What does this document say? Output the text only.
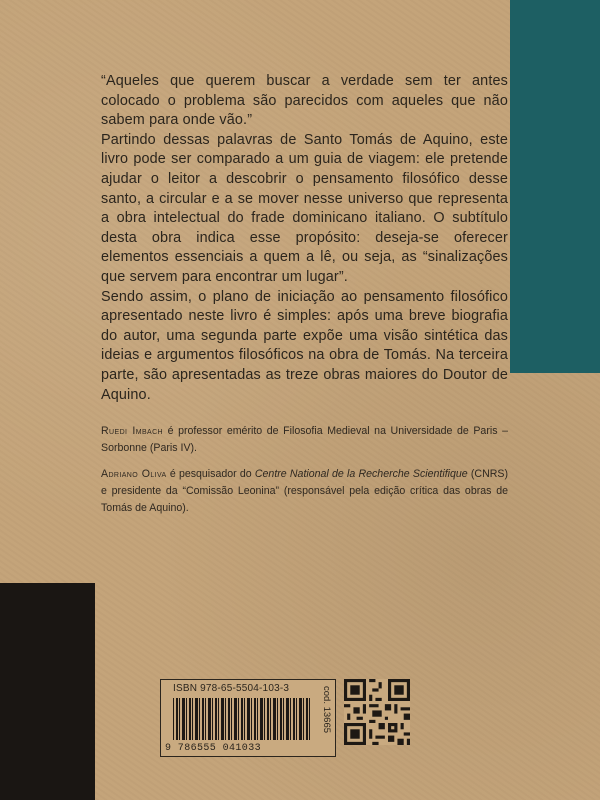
“Aqueles que querem buscar a verdade sem ter antes colocado o problema são parecidos com aqueles que não sabem para onde vão.”

Partindo dessas palavras de Santo Tomás de Aquino, este livro pode ser comparado a um guia de viagem: ele pretende ajudar o leitor a descobrir o pensamento filosófico desse santo, a circular e a se mover nesse universo que representa a obra intelectual do frade dominicano italiano. O subtítulo desta obra indica esse propósito: deseja-se oferecer elementos essenciais a quem a lê, ou seja, as “sinalizações que servem para encontrar um lugar”.

Sendo assim, o plano de iniciação ao pensamento filosófico apresentado neste livro é simples: após uma breve biografia do autor, uma segunda parte expõe uma visão sintética das ideias e argumentos filosóficos na obra de Tomás. Na terceira parte, são apresentadas as treze obras maiores do Doutor de Aquino.

Ruedi Imbach é professor emérito de Filosofia Medieval na Universidade de Paris – Sorbonne (Paris IV).

Adriano Oliva é pesquisador do Centre National de la Recherche Scientifique (CNRS) e presidente da “Comissão Leonina” (responsável pela edição crítica das obras de Tomás de Aquino).

ISBN 978-65-5504-103-3
9 786555 041033
cod. 13665
